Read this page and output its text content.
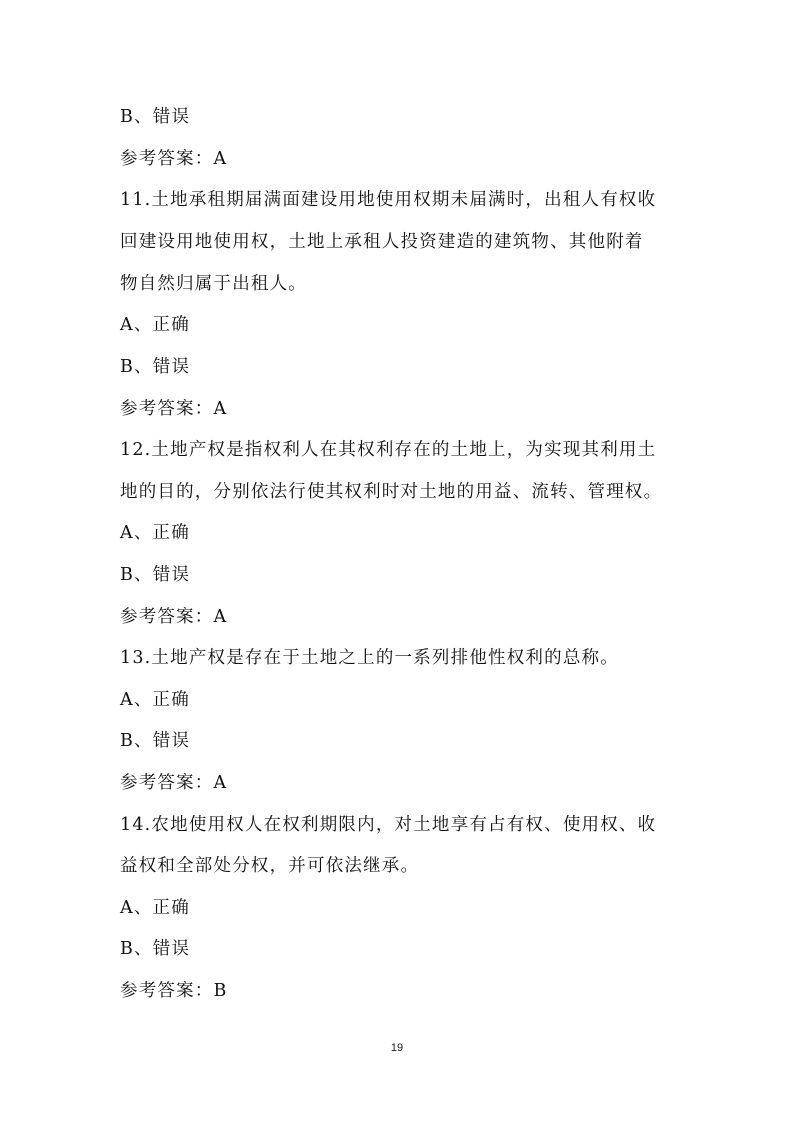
B、错误
参考答案：A
11.土地承租期届满面建设用地使用权期未届满时，出租人有权收
回建设用地使用权，土地上承租人投资建造的建筑物、其他附着
物自然归属于出租人。
A、正确
B、错误
参考答案：A
12.土地产权是指权利人在其权利存在的土地上，为实现其利用土
地的目的，分别依法行使其权利时对土地的用益、流转、管理权。
A、正确
B、错误
参考答案：A
13.土地产权是存在于土地之上的一系列排他性权利的总称。
A、正确
B、错误
参考答案：A
14.农地使用权人在权利期限内，对土地享有占有权、使用权、收
益权和全部处分权，并可依法继承。
A、正确
B、错误
参考答案：B
19
